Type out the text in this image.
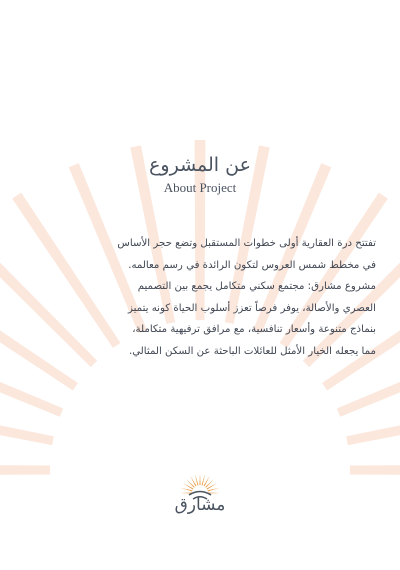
عن المشروع
About Project
تفتتح درة العقارية أولى خطوات المستقبل وتضع حجر الأساس
في مخطط شمس العروس لتكون الرائدة في رسم معالمه.
مشروع مشارق: مجتمع سكني متكامل يجمع بين التصميم
العصري والأصالة، يوفر فرصاً تعزز أسلوب الحياة كونه يتميز
بنماذج متنوعة وأسعار تنافسية، مع مرافق ترفيهية متكاملة،
مما يجعله الخيار الأمثل للعائلات الباحثة عن السكن المثالي.
مشارق
